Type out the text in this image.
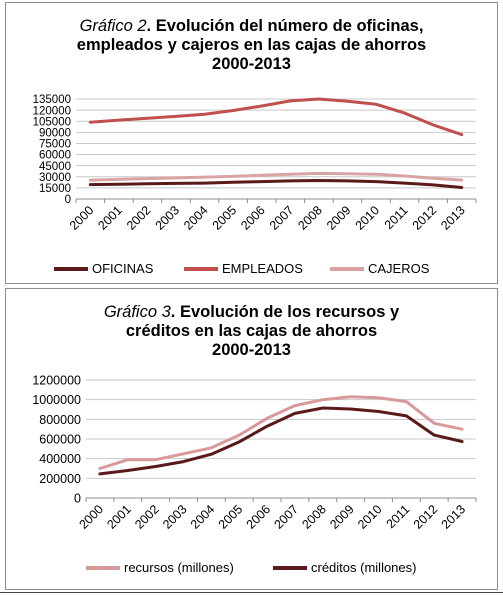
Gráfico 2. Evolución del número de oficinas,
empleados y cajeros en las cajas de ahorros
2000-2013
0
15000
30000
45000
60000
75000
90000
105000
120000
135000
2000 2001 2002 2003 2004 2005 2006 2007 2008 2009 2010 2011 2012 2013
OFICINAS	EMPLEADOS	CAJEROS
Gráfico 3. Evolución de los recursos y
créditos en las cajas de ahorros
2000-2013
0
200000
400000
600000
800000
1000000
1200000
2000
2001
2002
2003
2004
2005
2006
2007
2008
2009
2010
2011
2012
2013
recursos (millones)	créditos (millones)
